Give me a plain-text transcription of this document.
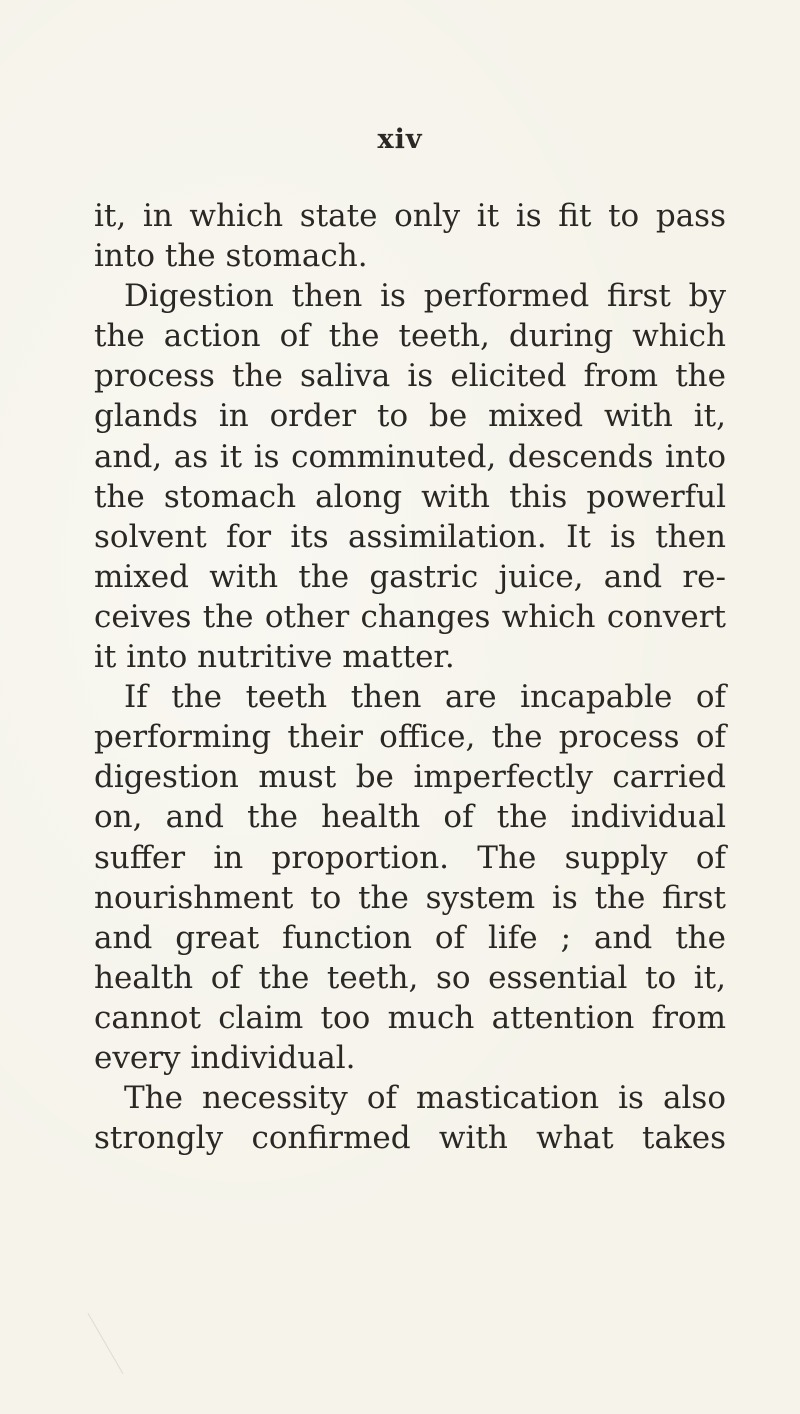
xiv
it, in which state only it is fit to pass
into the stomach.
Digestion then is performed first by
the action of the teeth, during which
process the saliva is elicited from the
glands in order to be mixed with it,
and, as it is comminuted, descends into
the stomach along with this powerful
solvent for its assimilation. It is then
mixed with the gastric juice, and re-
ceives the other changes which convert
it into nutritive matter.
If the teeth then are incapable of
performing their office, the process of
digestion must be imperfectly carried
on, and the health of the individual
suffer in proportion. The supply of
nourishment to the system is the first
and great function of life ; and the
health of the teeth, so essential to it,
cannot claim too much attention from
every individual.
The necessity of mastication is also
strongly confirmed with what takes
